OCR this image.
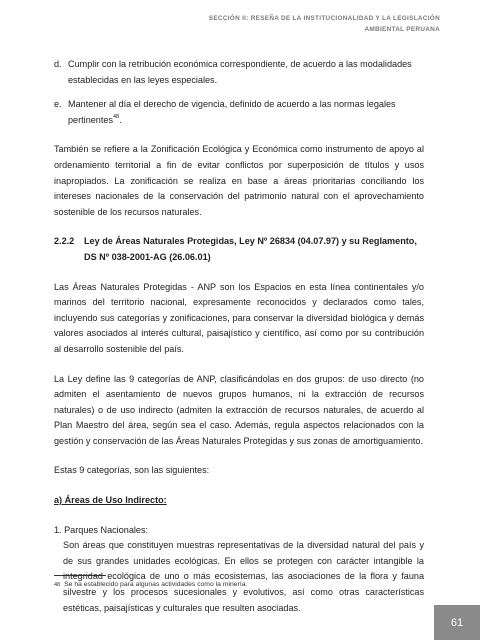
SECCIÓN II: RESEÑA DE LA INSTITUCIONALIDAD Y LA LEGISLACIÓN
AMBIENTAL PERUANA
d. Cumplir con la retribución económica correspondiente, de acuerdo a las modalidades establecidas en las leyes especiales.
e. Mantener al día el derecho de vigencia, definido de acuerdo a las normas legales pertinentes$^{48}$.

También se refiere a la Zonificación Ecológica y Económica como instrumento de apoyo al ordenamiento territorial a fin de evitar conflictos por superposición de títulos y usos inapropiados. La zonificación se realiza en base a áreas prioritarias conciliando los intereses nacionales de la conservación del patrimonio natural con el aprovechamiento sostenible de los recursos naturales.

2.2.2	Ley de Áreas Naturales Protegidas, Ley Nº 26834 (04.07.97) y su Reglamento,
DS Nº 038-2001-AG (26.06.01)

Las Áreas Naturales Protegidas - ANP son los Espacios en esta línea continentales y/o marinos del territorio nacional, expresamente reconocidos y declarados como tales, incluyendo sus categorías y zonificaciones, para conservar la diversidad biológica y demás valores asociados al interés cultural, paisajístico y científico, así como por su contribución al desarrollo sostenible del país.

La Ley define las 9 categorías de ANP, clasificándolas en dos grupos: de uso directo (no admiten el asentamiento de nuevos grupos humanos, ni la extracción de recursos naturales) o de uso indirecto (admiten la extracción de recursos naturales, de acuerdo al Plan Maestro del área, según sea el caso. Además, regula aspectos relacionados con la gestión y conservación de las Áreas Naturales Protegidas y sus zonas de amortiguamiento.

Estas 9 categorías, son las siguientes:

a) Áreas de Uso Indirecto:

1. Parques Nacionales:

Son áreas que constituyen muestras representativas de la diversidad natural del país y de sus grandes unidades ecológicas. En ellos se protegen con carácter intangible la integridad ecológica de uno o más ecosistemas, las asociaciones de la flora y fauna silvestre y los procesos sucesionales y evolutivos, así como otras características estéticas, paisajísticas y culturales que resulten asociadas.

48 Se ha establecido para algunas actividades como la minería.
61
